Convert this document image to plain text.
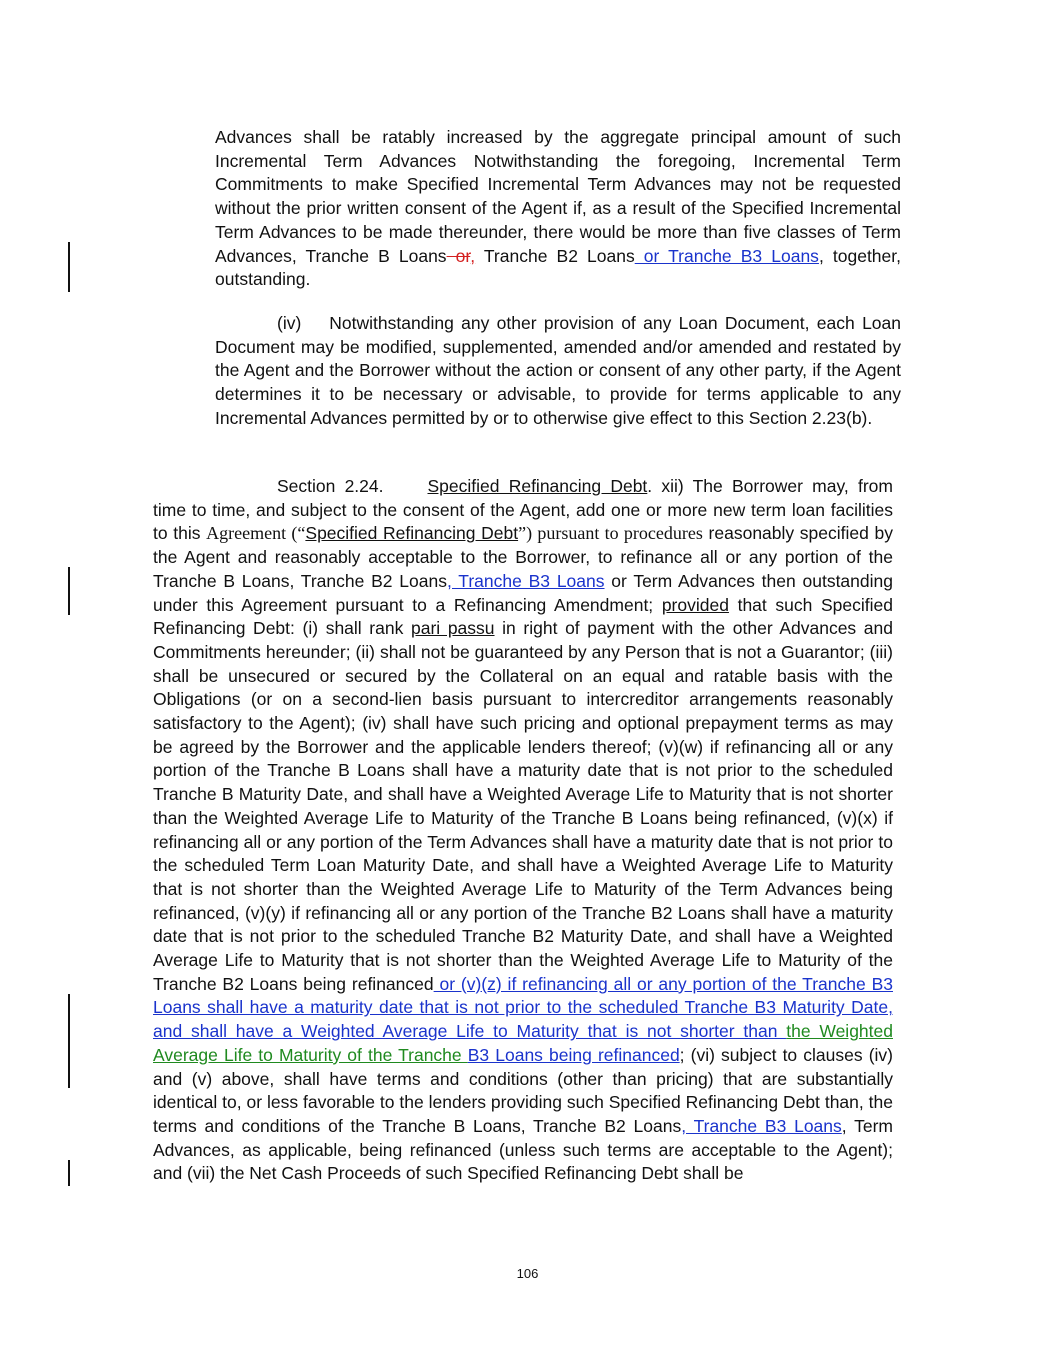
Advances shall be ratably increased by the aggregate principal amount of such Incremental Term Advances Notwithstanding the foregoing, Incremental Term Commitments to make Specified Incremental Term Advances may not be requested without the prior written consent of the Agent if, as a result of the Specified Incremental Term Advances to be made thereunder, there would be more than five classes of Term Advances, Tranche B Loans or, Tranche B2 Loans or Tranche B3 Loans, together, outstanding.
(iv) Notwithstanding any other provision of any Loan Document, each Loan Document may be modified, supplemented, amended and/or amended and restated by the Agent and the Borrower without the action or consent of any other party, if the Agent determines it to be necessary or advisable, to provide for terms applicable to any Incremental Advances permitted by or to otherwise give effect to this Section 2.23(b).
Section 2.24.	Specified Refinancing Debt. xii) The Borrower may, from time to time, and subject to the consent of the Agent, add one or more new term loan facilities to this Agreement (“Specified Refinancing Debt”) pursuant to procedures reasonably specified by the Agent and reasonably acceptable to the Borrower, to refinance all or any portion of the Tranche B Loans, Tranche B2 Loans, Tranche B3 Loans or Term Advances then outstanding under this Agreement pursuant to a Refinancing Amendment; provided that such Specified Refinancing Debt: (i) shall rank pari passu in right of payment with the other Advances and Commitments hereunder; (ii) shall not be guaranteed by any Person that is not a Guarantor; (iii) shall be unsecured or secured by the Collateral on an equal and ratable basis with the Obligations (or on a second-lien basis pursuant to intercreditor arrangements reasonably satisfactory to the Agent); (iv) shall have such pricing and optional prepayment terms as may be agreed by the Borrower and the applicable lenders thereof; (v)(w) if refinancing all or any portion of the Tranche B Loans shall have a maturity date that is not prior to the scheduled Tranche B Maturity Date, and shall have a Weighted Average Life to Maturity that is not shorter than the Weighted Average Life to Maturity of the Tranche B Loans being refinanced, (v)(x) if refinancing all or any portion of the Term Advances shall have a maturity date that is not prior to the scheduled Term Loan Maturity Date, and shall have a Weighted Average Life to Maturity that is not shorter than the Weighted Average Life to Maturity of the Term Advances being refinanced, (v)(y) if refinancing all or any portion of the Tranche B2 Loans shall have a maturity date that is not prior to the scheduled Tranche B2 Maturity Date, and shall have a Weighted Average Life to Maturity that is not shorter than the Weighted Average Life to Maturity of the Tranche B2 Loans being refinanced or (v)(z) if refinancing all or any portion of the Tranche B3 Loans shall have a maturity date that is not prior to the scheduled Tranche B3 Maturity Date, and shall have a Weighted Average Life to Maturity that is not shorter than the Weighted Average Life to Maturity of the Tranche B3 Loans being refinanced; (vi) subject to clauses (iv) and (v) above, shall have terms and conditions (other than pricing) that are substantially identical to, or less favorable to the lenders providing such Specified Refinancing Debt than, the terms and conditions of the Tranche B Loans, Tranche B2 Loans, Tranche B3 Loans, Term Advances, as applicable, being refinanced (unless such terms are acceptable to the Agent); and (vii) the Net Cash Proceeds of such Specified Refinancing Debt shall be
106
